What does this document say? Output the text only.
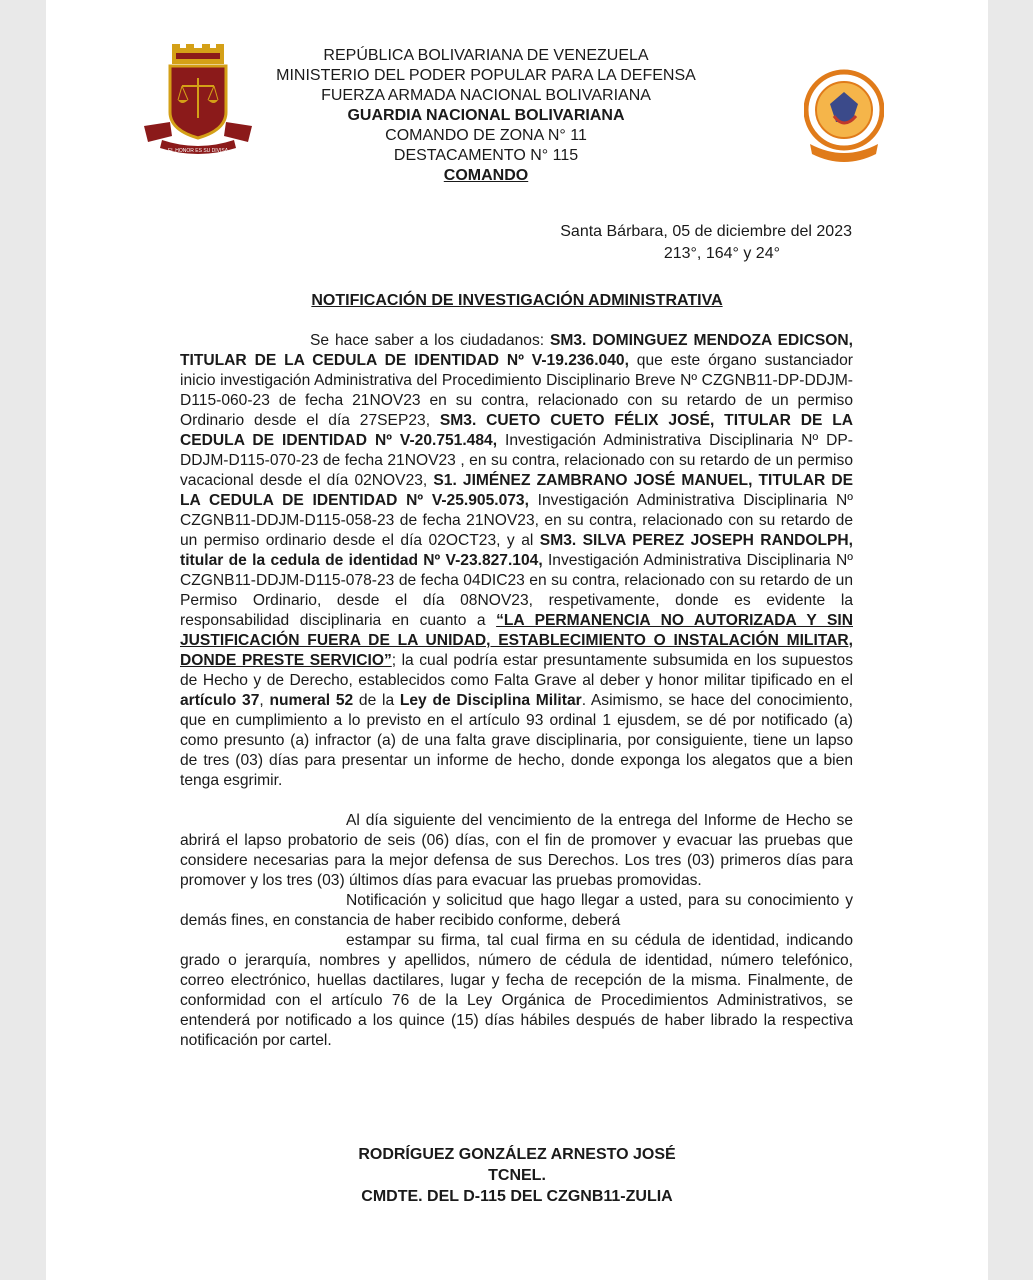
EL HONOR ES SU DIVISA
REPÚBLICA BOLIVARIANA DE VENEZUELA
MINISTERIO DEL PODER POPULAR PARA LA DEFENSA
FUERZA ARMADA NACIONAL BOLIVARIANA
GUARDIA NACIONAL BOLIVARIANA
COMANDO DE ZONA N° 11
DESTACAMENTO N° 115
COMANDO
Santa Bárbara, 05 de diciembre del 2023
213°, 164° y 24°
NOTIFICACIÓN DE INVESTIGACIÓN ADMINISTRATIVA

Se hace saber a los ciudadanos: SM3. DOMINGUEZ MENDOZA EDICSON, TITULAR DE LA CEDULA DE IDENTIDAD Nº V-19.236.040, que este órgano sustanciador inicio investigación Administrativa del Procedimiento Disciplinario Breve Nº CZGNB11-DP-DDJM- D115-060-23 de fecha 21NOV23 en su contra, relacionado con su retardo de un permiso Ordinario desde el día 27SEP23, SM3. CUETO CUETO FÉLIX JOSÉ, TITULAR DE LA CEDULA DE IDENTIDAD Nº V-20.751.484, Investigación Administrativa Disciplinaria Nº DP-DDJM-D115-070-23 de fecha 21NOV23 , en su contra, relacionado con su retardo de un permiso vacacional desde el día 02NOV23, S1. JIMÉNEZ ZAMBRANO JOSÉ MANUEL, TITULAR DE LA CEDULA DE IDENTIDAD Nº V-25.905.073, Investigación Administrativa Disciplinaria Nº CZGNB11-DDJM-D115-058-23 de fecha 21NOV23, en su contra, relacionado con su retardo de un permiso ordinario desde el día 02OCT23, y al SM3. SILVA PEREZ JOSEPH RANDOLPH, titular de la cedula de identidad Nº V-23.827.104, Investigación Administrativa Disciplinaria Nº CZGNB11-DDJM-D115-078-23 de fecha 04DIC23 en su contra, relacionado con su retardo de un Permiso Ordinario, desde el día 08NOV23, respetivamente, donde es evidente la responsabilidad disciplinaria en cuanto a “LA PERMANENCIA NO AUTORIZADA Y SIN JUSTIFICACIÓN FUERA DE LA UNIDAD, ESTABLECIMIENTO O INSTALACIÓN MILITAR, DONDE PRESTE SERVICIO”; la cual podría estar presuntamente subsumida en los supuestos de Hecho y de Derecho, establecidos como Falta Grave al deber y honor militar tipificado en el artículo 37, numeral 52 de la Ley de Disciplina Militar. Asimismo, se hace del conocimiento, que en cumplimiento a lo previsto en el artículo 93 ordinal 1 ejusdem, se dé por notificado (a) como presunto (a) infractor (a) de una falta grave disciplinaria, por consiguiente, tiene un lapso de tres (03) días para presentar un informe de hecho, donde exponga los alegatos que a bien tenga esgrimir.

Al día siguiente del vencimiento de la entrega del Informe de Hecho se abrirá el lapso probatorio de seis (06) días, con el fin de promover y evacuar las pruebas que considere necesarias para la mejor defensa de sus Derechos. Los tres (03) primeros días para promover y los tres (03) últimos días para evacuar las pruebas promovidas.

Notificación y solicitud que hago llegar a usted, para su conocimiento y demás fines, en constancia de haber recibido conforme, deberá

estampar su firma, tal cual firma en su cédula de identidad, indicando grado o jerarquía, nombres y apellidos, número de cédula de identidad, número telefónico, correo electrónico, huellas dactilares, lugar y fecha de recepción de la misma. Finalmente, de conformidad con el artículo 76 de la Ley Orgánica de Procedimientos Administrativos, se entenderá por notificado a los quince (15) días hábiles después de haber librado la respectiva notificación por cartel.

RODRÍGUEZ GONZÁLEZ ARNESTO JOSÉ
TCNEL.
CMDTE. DEL D-115 DEL CZGNB11-ZULIA
